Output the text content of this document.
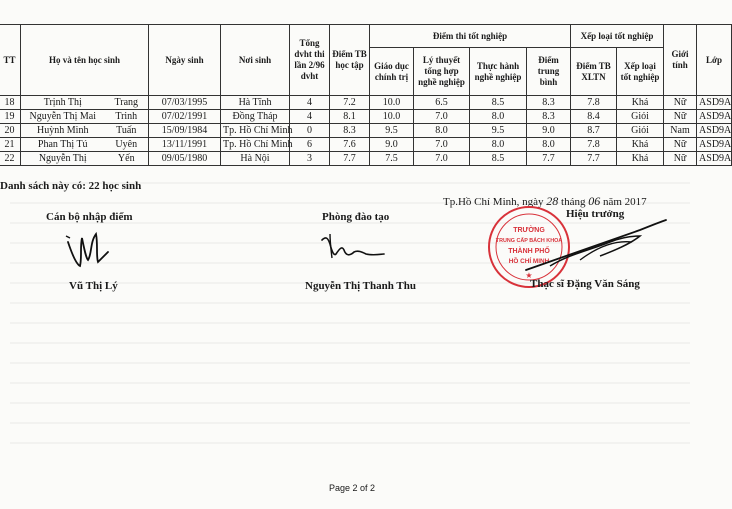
TT	Họ và tên học sinh		Ngày sinh	Nơi sinh	Tổng dvht thi lần 2/96 dvht	Điểm TB học tập	Điểm thi tốt nghiệp				Xếp loại tốt nghiệp		Giới tính	Lớp
							Giáo dục chính trị	Lý thuyết tổng hợp nghề nghiệp	Thực hành nghề nghiệp	Điểm trung bình	Điểm TB XLTN	Xếp loại tốt nghiệp		
18	Trịnh Thị	Trang	07/03/1995	Hà Tĩnh	4	7.2	10.0	6.5	8.5	8.3	7.8	Khá	Nữ	ASD9A
19	Nguyễn Thị Mai	Trinh	07/02/1991	Đồng Tháp	4	8.1	10.0	7.0	8.0	8.3	8.4	Giỏi	Nữ	ASD9A
20	Huỳnh Minh	Tuấn	15/09/1984	Tp. Hồ Chí Minh	0	8.3	9.5	8.0	9.5	9.0	8.7	Giỏi	Nam	ASD9A
21	Phan Thị Tú	Uyên	13/11/1991	Tp. Hồ Chí Minh	6	7.6	9.0	7.0	8.0	8.0	7.8	Khá	Nữ	ASD9A
22	Nguyễn Thị	Yến	09/05/1980	Hà Nội	3	7.7	7.5	7.0	8.5	7.7	7.7	Khá	Nữ	ASD9A
Danh sách này có: 22 học sinh
Tp.Hồ Chí Minh, ngày 28 tháng 06 năm 2017
Cán bộ nhập điểm	Phòng đào tạo	Hiệu trưởng
TRƯỜNG
TRUNG CẤP BÁCH KHOA
THÀNH PHỐ
HỒ CHÍ MINH
★
Vũ Thị Lý	Nguyễn Thị Thanh Thu	Thạc sĩ Đặng Văn Sáng
Page 2 of 2
